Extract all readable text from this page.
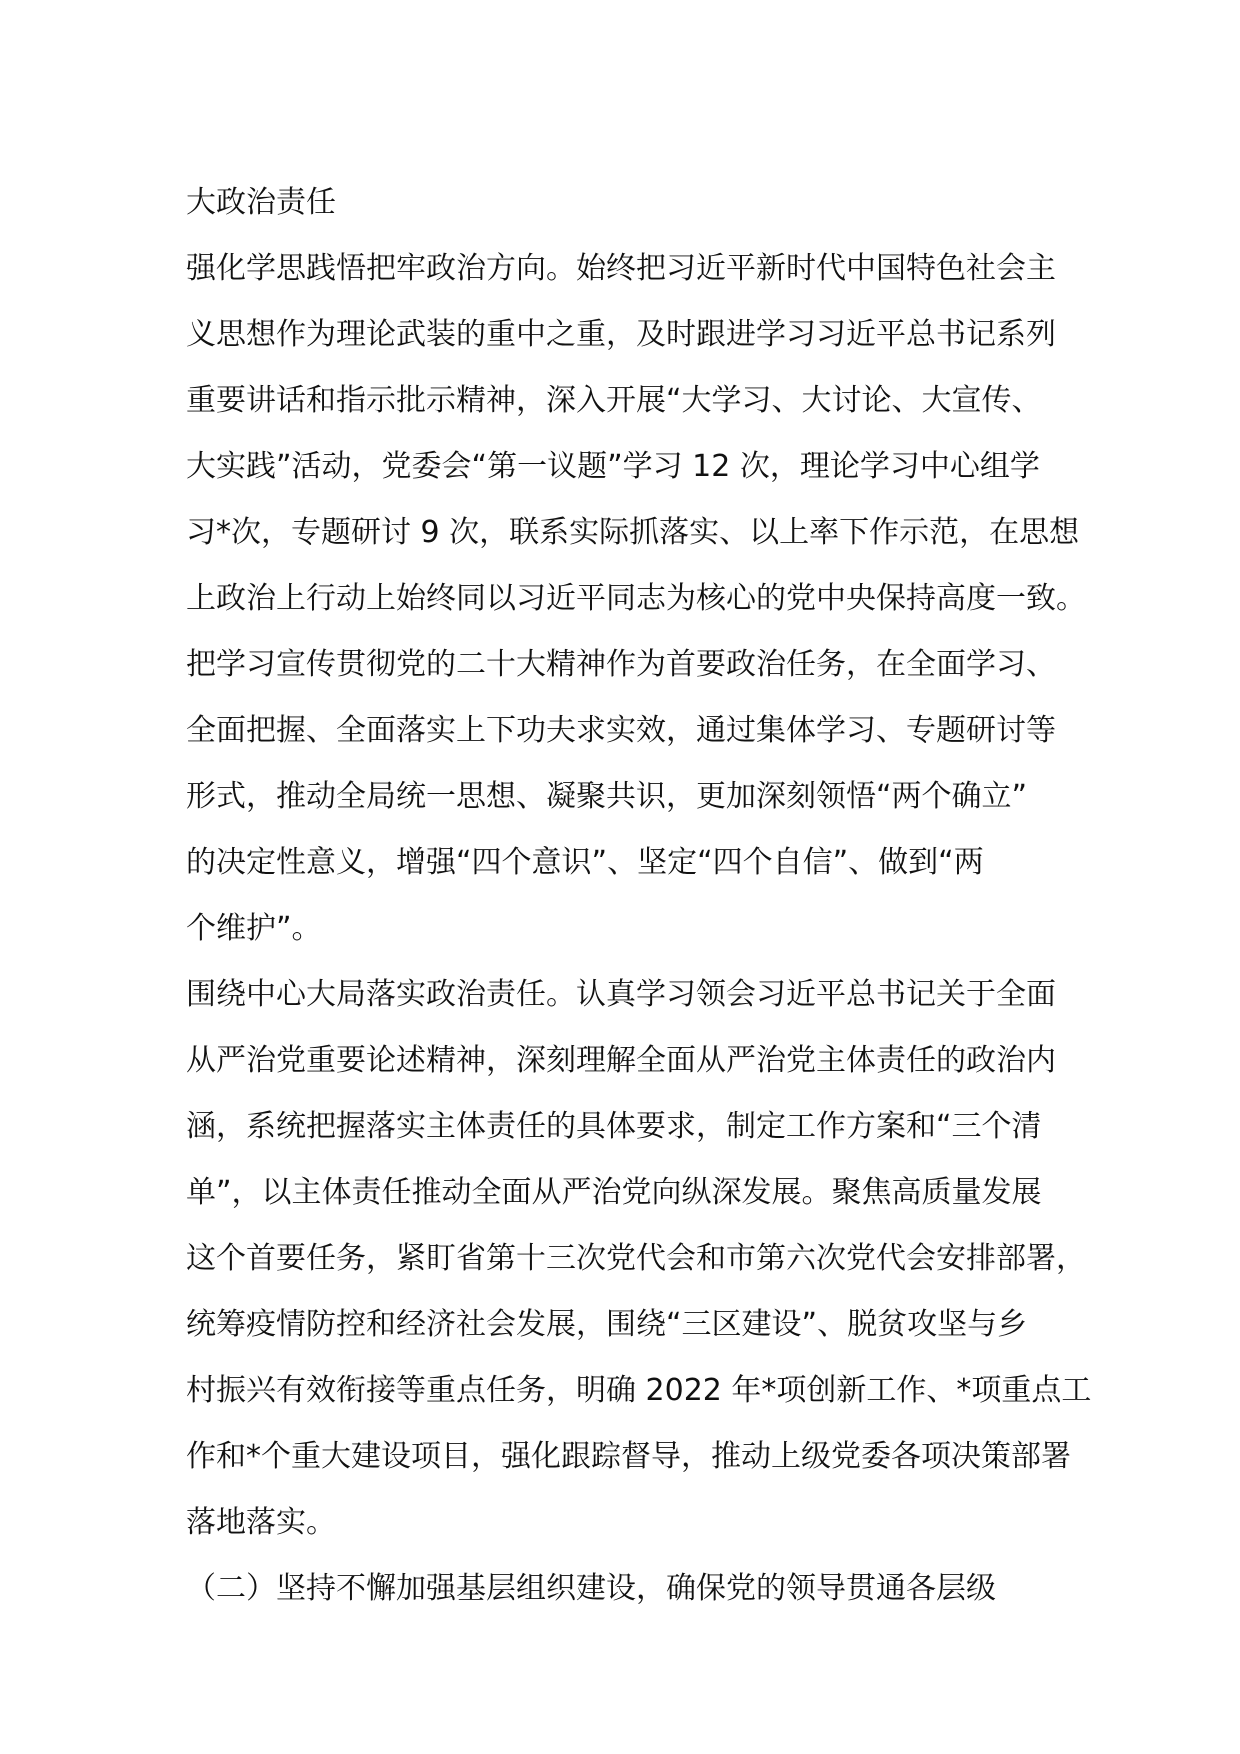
大政治责任
强化学思践悟把牢政治方向。始终把习近平新时代中国特色社会主
义思想作为理论武装的重中之重，及时跟进学习习近平总书记系列
重要讲话和指示批示精神，深入开展“大学习、大讨论、大宣传、
大实践”活动，党委会“第一议题”学习 12 次，理论学习中心组学
习*次，专题研讨 9 次，联系实际抓落实、以上率下作示范，在思想
上政治上行动上始终同以习近平同志为核心的党中央保持高度一致。
把学习宣传贯彻党的二十大精神作为首要政治任务，在全面学习、
全面把握、全面落实上下功夫求实效，通过集体学习、专题研讨等
形式，推动全局统一思想、凝聚共识，更加深刻领悟“两个确立”
的决定性意义，增强“四个意识”、坚定“四个自信”、做到“两
个维护”。
围绕中心大局落实政治责任。认真学习领会习近平总书记关于全面
从严治党重要论述精神，深刻理解全面从严治党主体责任的政治内
涵，系统把握落实主体责任的具体要求，制定工作方案和“三个清
单”，以主体责任推动全面从严治党向纵深发展。聚焦高质量发展
这个首要任务，紧盯省第十三次党代会和市第六次党代会安排部署，
统筹疫情防控和经济社会发展，围绕“三区建设”、脱贫攻坚与乡
村振兴有效衔接等重点任务，明确 2022 年*项创新工作、*项重点工
作和*个重大建设项目，强化跟踪督导，推动上级党委各项决策部署
落地落实。
（二）坚持不懈加强基层组织建设，确保党的领导贯通各层级
